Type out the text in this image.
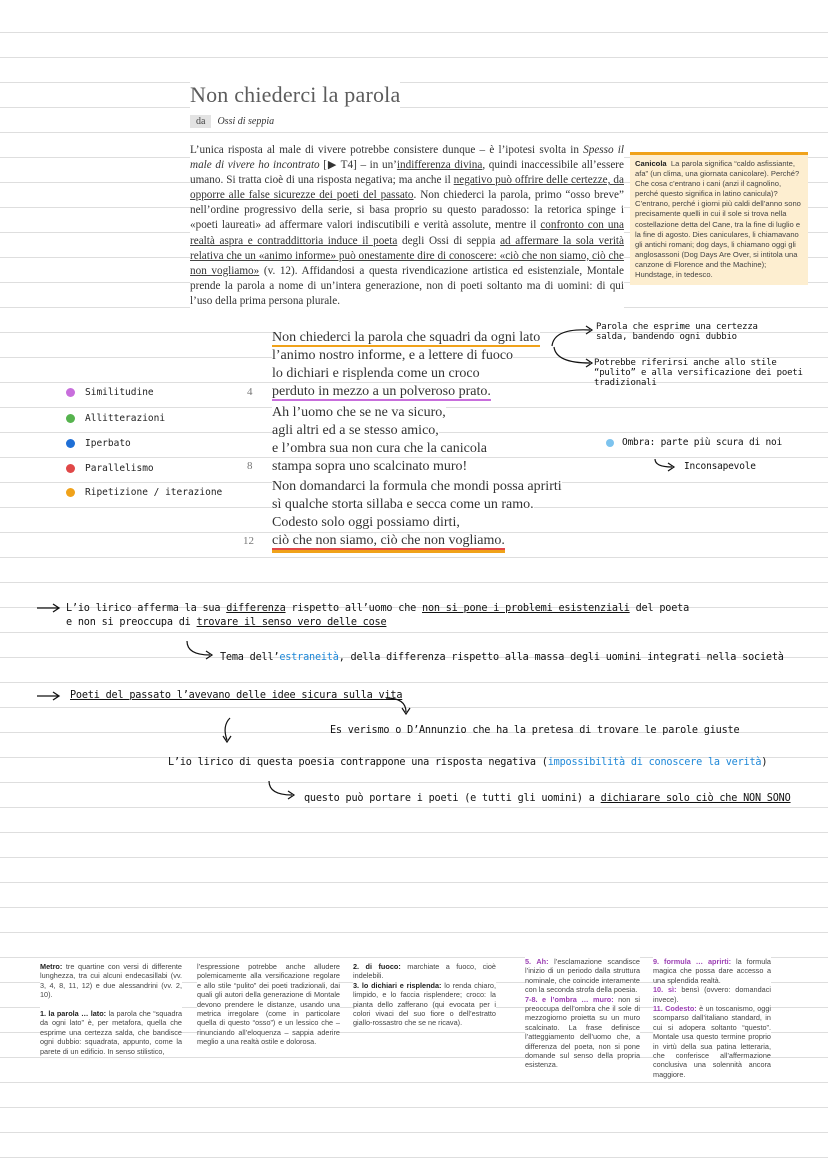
Non chiederci la parola
da Ossi di seppia
L’unica risposta al male di vivere potrebbe consistere dunque – è l’ipotesi svolta in Spesso il male di vivere ho incontrato [▶ T4] – in un’indifferenza divina, quindi inaccessibile all’essere umano. Si tratta cioè di una risposta negativa; ma anche il negativo può offrire delle certezze, da opporre alle false sicurezze dei poeti del passato. Non chiederci la parola, primo “osso breve” nell’ordine progressivo della serie, si basa proprio su questo paradosso: la retorica spinge i «poeti laureati» ad affermare valori indiscutibili e verità assolute, mentre il confronto con una realtà aspra e contraddittoria induce il poeta degli Ossi di seppia ad affermare la sola verità relativa che un «animo informe» può onestamente dire di conoscere: «ciò che non siamo, ciò che non vogliamo» (v. 12). Affidandosi a questa rivendicazione artistica ed esistenziale, Montale prende la parola a nome di un’intera generazione, non di poeti soltanto ma di uomini: di qui l’uso della prima persona plurale.
Canicola La parola significa “caldo asfissiante, afa” (un clima, una giornata canicolare). Perché? Che cosa c’entrano i cani (anzi il cagnolino, perché questo significa in latino canicula)? C’entrano, perché i giorni più caldi dell’anno sono precisamente quelli in cui il sole si trova nella costellazione detta del Cane, tra la fine di luglio e la fine di agosto. Dies caniculares, li chiamavano gli antichi romani; dog days, li chiamano oggi gli anglosassoni (Dog Days Are Over, si intitola una canzone di Florence and the Machine); Hundstage, in tedesco.
Non chiederci la parola che squadri da ogni lato
l’animo nostro informe, e a lettere di fuoco
lo dichiari e risplenda come un croco
perduto in mezzo a un polveroso prato.
4
Ah l’uomo che se ne va sicuro,
agli altri ed a se stesso amico,
e l’ombra sua non cura che la canicola
stampa sopra uno scalcinato muro!
8
Non domandarci la formula che mondi possa aprirti
sì qualche storta sillaba e secca come un ramo.
Codesto solo oggi possiamo dirti,
ciò che non siamo, ciò che non vogliamo.
12
Similitudine
Allitterazioni
Iperbato
Parallelismo
Ripetizione / iterazione
Parola che esprime una certezza
salda, bandendo ogni dubbio
Potrebbe riferirsi anche allo stile
“pulito” e alla versificazione dei poeti
tradizionali
Ombra: parte più scura di noi
Inconsapevole
L’io lirico afferma la sua differenza rispetto all’uomo che non si pone i problemi esistenziali del poeta
e non si preoccupa di trovare il senso vero delle cose
Tema dell’estraneità, della differenza rispetto alla massa degli uomini integrati nella società
Poeti del passato l’avevano delle idee sicura sulla vita
Es verismo o D’Annunzio che ha la pretesa di trovare le parole giuste
L’io lirico di questa poesia contrappone una risposta negativa (impossibilità di conoscere la verità)
questo può portare i poeti (e tutti gli uomini) a dichiarare solo ciò che NON SONO
Metro: tre quartine con versi di differente lunghezza, tra cui alcuni endecasillabi (vv. 3, 4, 8, 11, 12) e due alessandrini (vv. 2, 10).

1. la parola … lato: la parola che “squadra da ogni lato” è, per metafora, quella che esprime una certezza salda, che bandisce ogni dubbio: squadrata, appunto, come la parete di un edificio. In senso stilistico,
l’espressione potrebbe anche alludere polemicamente alla versificazione regolare e allo stile “pulito” dei poeti tradizionali, dai quali gli autori della generazione di Montale devono prendere le distanze, usando una metrica irregolare (come in particolare quella di questo “osso”) e un lessico che – rinunciando all’eloquenza – sappia aderire meglio a una realtà ostile e dolorosa.
2. di fuoco: marchiate a fuoco, cioè indelebili.
3. lo dichiari e risplenda: lo renda chiaro, limpido, e lo faccia risplendere; croco: la pianta dello zafferano (qui evocata per i colori vivaci del suo fiore o dell’estratto giallo-rossastro che se ne ricava).
5. Ah: l’esclamazione scandisce l’inizio di un periodo dalla struttura nominale, che coincide interamente con la seconda strofa della poesia.
7-8. e l’ombra … muro: non si preoccupa dell’ombra che il sole di mezzogiorno proietta su un muro scalcinato. La frase definisce l’atteggiamento dell’uomo che, a differenza del poeta, non si pone domande sul senso della propria esistenza.
9. formula … aprirti: la formula magica che possa dare accesso a una splendida realtà.
10. sì: bensì (ovvero: domandaci invece).
11. Codesto: è un toscanismo, oggi scomparso dall’italiano standard, in cui si adopera soltanto “questo”. Montale usa questo termine proprio in virtù della sua patina letteraria, che conferisce all’affermazione conclusiva una solennità ancora maggiore.
